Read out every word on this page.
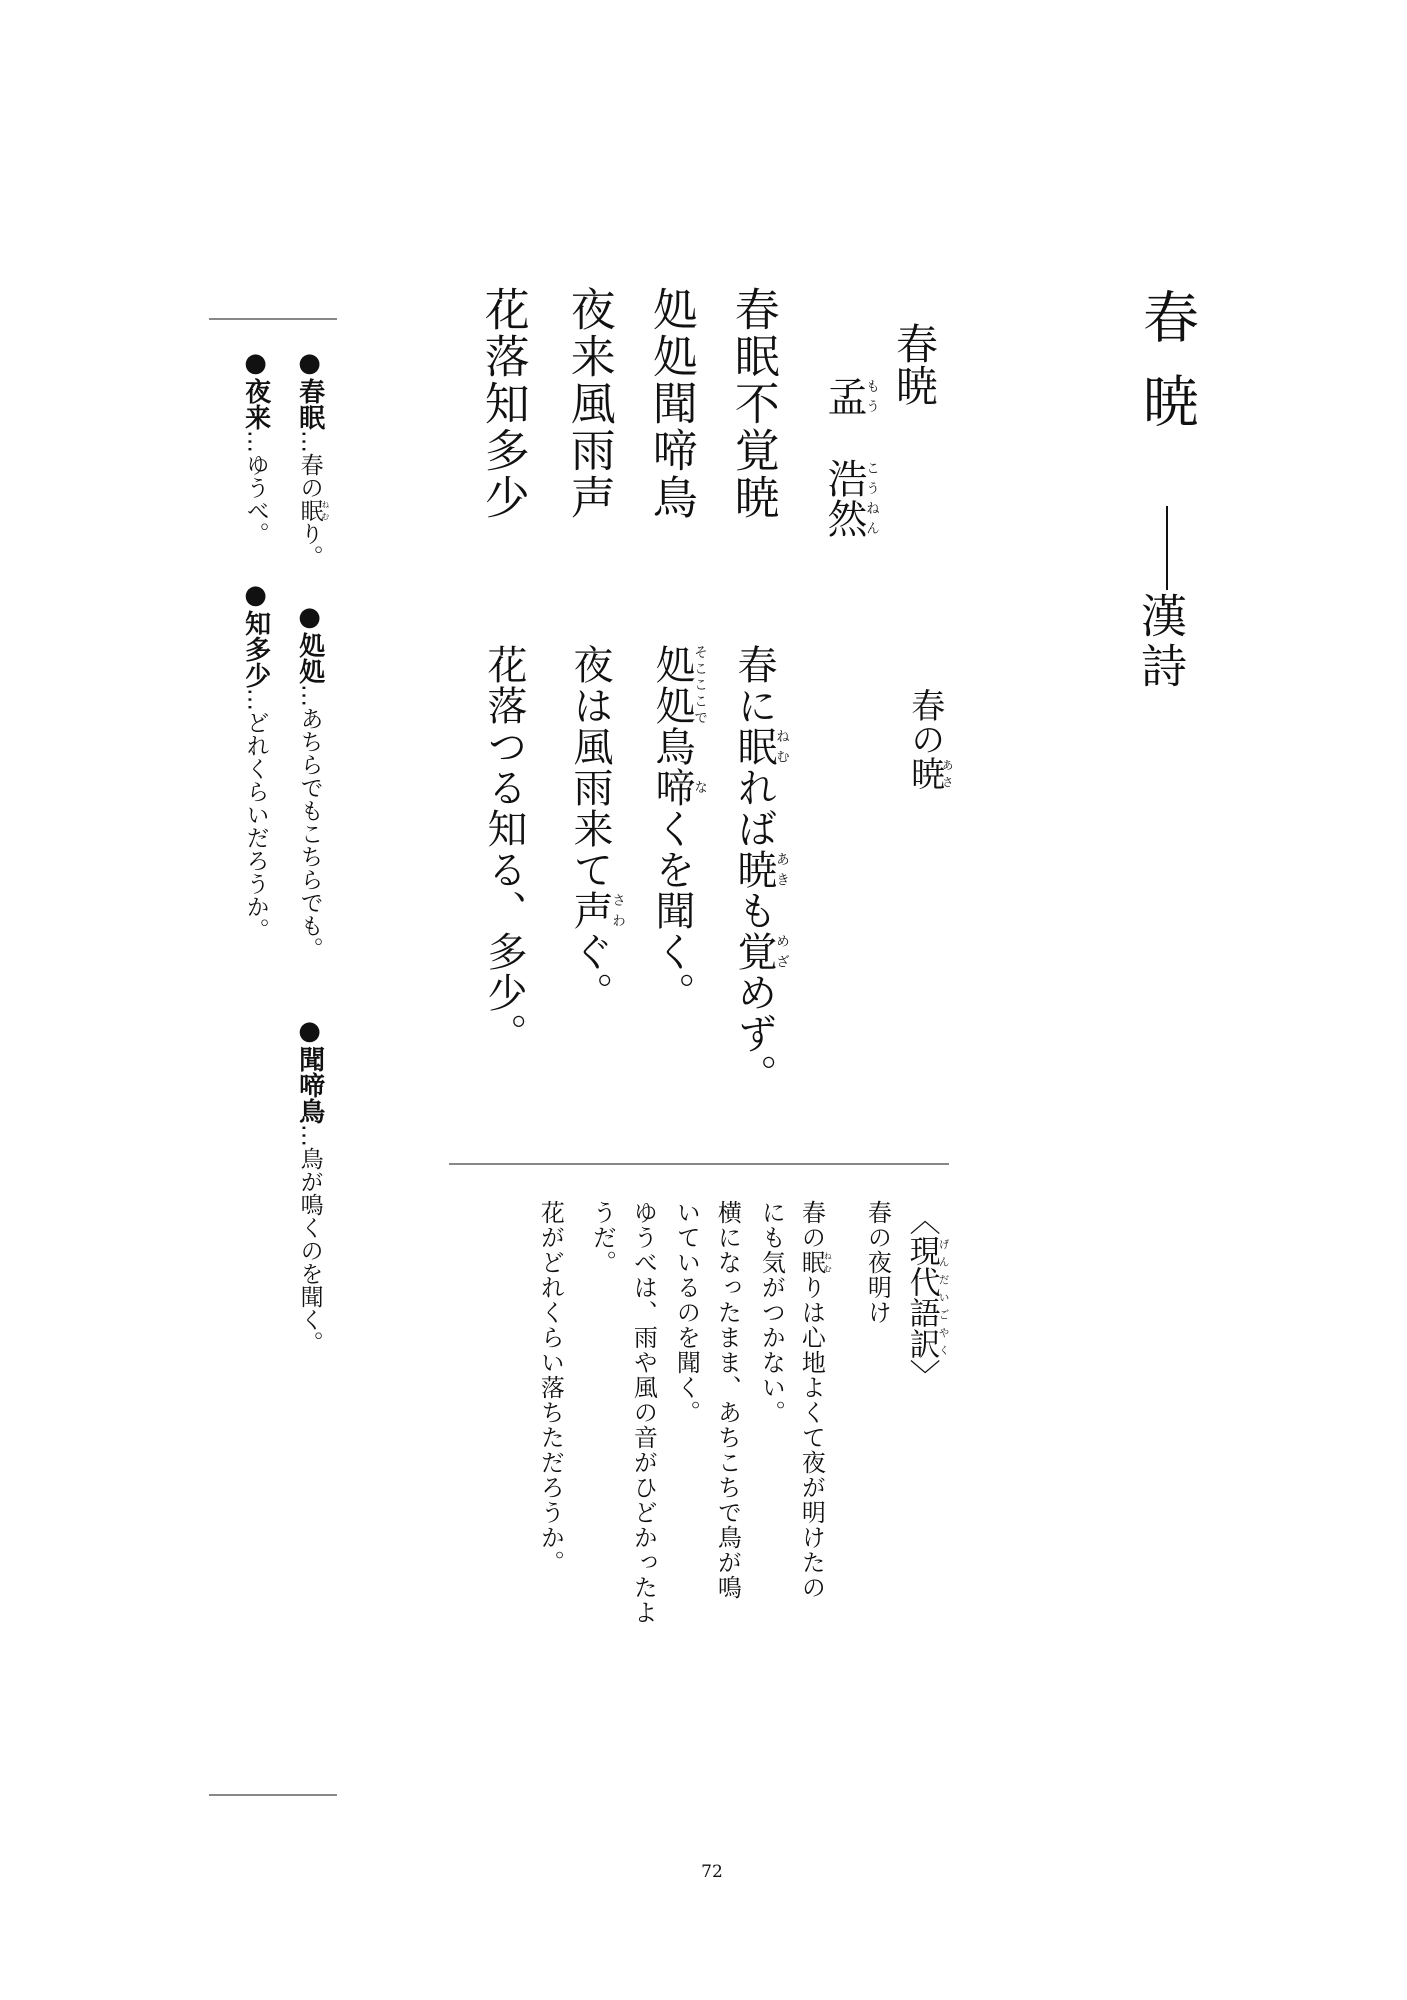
春暁
漢詩
春暁
孟もう浩然こうねん
春眠不覚暁
処処聞啼鳥
夜来風雨声
花落知多少
春の暁あさ
春に眠ねむれば暁あきも覚めざめず。
処処そこここで鳥啼なくを聞く。
夜は風雨来て声さわぐ。
花落つる知る、多少。
〈現代語訳げんだいごやく〉
春の夜明け
春の眠ねむりは心地よくて夜が明けたの
にも気がつかない。
横になったまま、あちこちで鳥が鳴
いているのを聞く。
ゆうべは、雨や風の音がひどかったよ
うだ。
花がどれくらい落ちただろうか。
●春眠…春の眠ねむり。
●処処…あちらでもこちらでも。
●聞啼鳥…鳥が鳴くのを聞く。
●夜来…ゆうべ。
●知多少…どれくらいだろうか。
72
